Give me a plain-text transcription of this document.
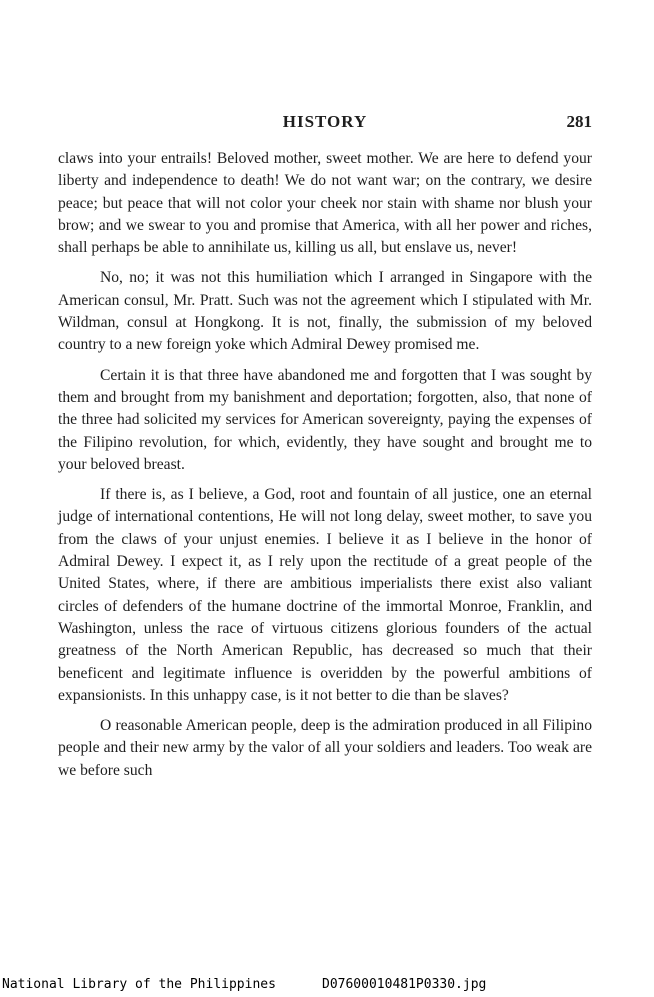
HISTORY	281

claws into your entrails! Beloved mother, sweet mother. We are here to defend your liberty and independence to death! We do not want war; on the contrary, we desire peace; but peace that will not color your cheek nor stain with shame nor blush your brow; and we swear to you and promise that America, with all her power and riches, shall perhaps be able to annihilate us, killing us all, but enslave us, never!

No, no; it was not this humiliation which I arranged in Singapore with the American consul, Mr. Pratt. Such was not the agreement which I stipulated with Mr. Wildman, consul at Hongkong. It is not, finally, the submission of my beloved country to a new foreign yoke which Admiral Dewey promised me.

Certain it is that three have abandoned me and forgotten that I was sought by them and brought from my banishment and deportation; forgotten, also, that none of the three had solicited my services for American sovereignty, paying the expenses of the Filipino revolution, for which, evidently, they have sought and brought me to your beloved breast.

If there is, as I believe, a God, root and fountain of all justice, one an eternal judge of international contentions, He will not long delay, sweet mother, to save you from the claws of your unjust enemies. I believe it as I believe in the honor of Admiral Dewey. I expect it, as I rely upon the rectitude of a great people of the United States, where, if there are ambitious imperialists there exist also valiant circles of defenders of the humane doctrine of the immortal Monroe, Franklin, and Washington, unless the race of virtuous citizens glorious founders of the actual greatness of the North American Republic, has decreased so much that their beneficent and legitimate influence is overidden by the powerful ambitions of expansionists. In this unhappy case, is it not better to die than be slaves?

O reasonable American people, deep is the admiration produced in all Filipino people and their new army by the valor of all your soldiers and leaders. Too weak are we before such

National Library of the Philippines	D07600010481P0330.jpg
